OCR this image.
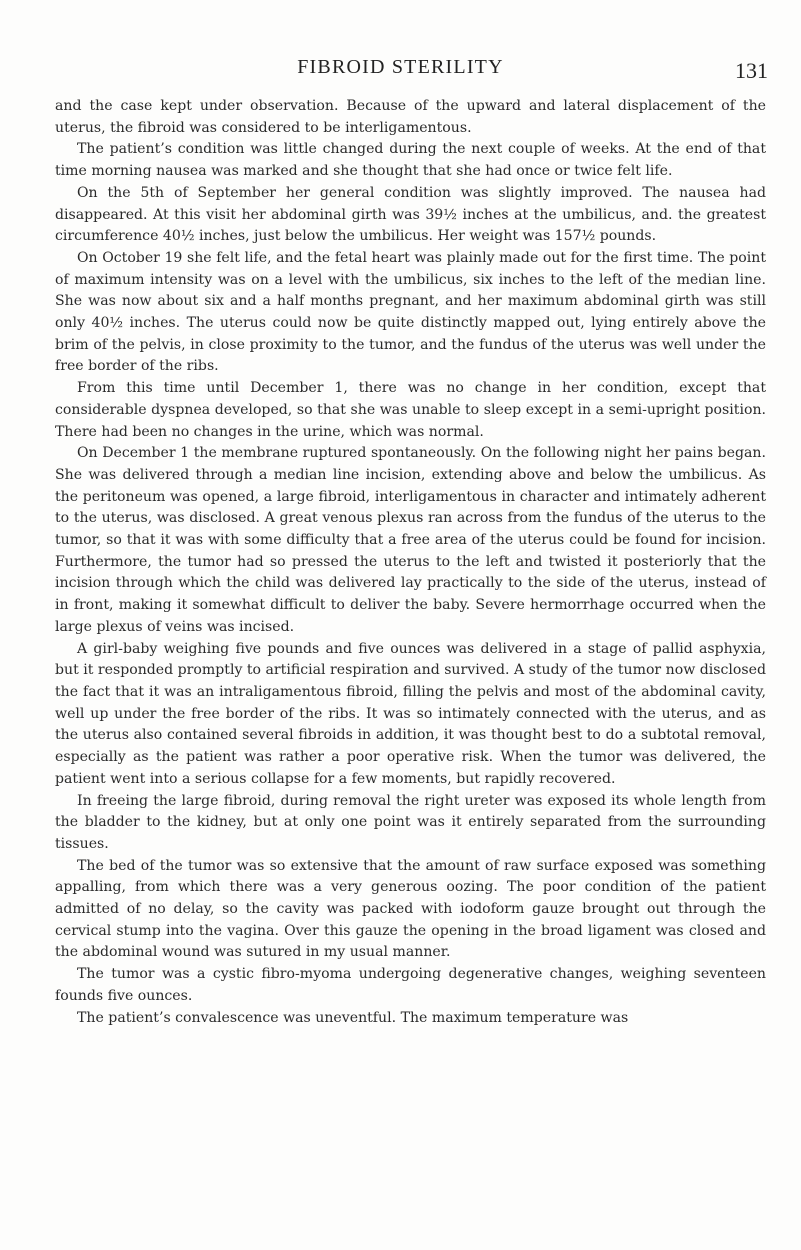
FIBROID STERILITY	131

and the case kept under observation. Because of the upward and lateral displacement of the uterus, the fibroid was considered to be interligamentous.

The patient’s condition was little changed during the next couple of weeks. At the end of that time morning nausea was marked and she thought that she had once or twice felt life.

On the 5th of September her general condition was slightly improved. The nausea had disappeared. At this visit her abdominal girth was 39½ inches at the umbilicus, and. the greatest circumference 40½ inches, just below the umbilicus. Her weight was 157½ pounds.

On October 19 she felt life, and the fetal heart was plainly made out for the first time. The point of maximum intensity was on a level with the umbilicus, six inches to the left of the median line. She was now about six and a half months pregnant, and her maximum abdominal girth was still only 40½ inches. The uterus could now be quite distinctly mapped out, lying entirely above the brim of the pelvis, in close proximity to the tumor, and the fundus of the uterus was well under the free border of the ribs.

From this time until December 1, there was no change in her condition, except that considerable dyspnea developed, so that she was unable to sleep except in a semi-upright position. There had been no changes in the urine, which was normal.

On December 1 the membrane ruptured spontaneously. On the following night her pains began. She was delivered through a median line incision, extending above and below the umbilicus. As the peritoneum was opened, a large fibroid, interligamentous in character and intimately adherent to the uterus, was disclosed. A great venous plexus ran across from the fundus of the uterus to the tumor, so that it was with some difficulty that a free area of the uterus could be found for incision. Furthermore, the tumor had so pressed the uterus to the left and twisted it posteriorly that the incision through which the child was delivered lay practically to the side of the uterus, instead of in front, making it somewhat difficult to deliver the baby. Severe hermorrhage occurred when the large plexus of veins was incised.

A girl-baby weighing five pounds and five ounces was delivered in a stage of pallid asphyxia, but it responded promptly to artificial respiration and survived. A study of the tumor now disclosed the fact that it was an intraligamentous fibroid, filling the pelvis and most of the abdominal cavity, well up under the free border of the ribs. It was so intimately connected with the uterus, and as the uterus also contained several fibroids in addition, it was thought best to do a subtotal removal, especially as the patient was rather a poor operative risk. When the tumor was delivered, the patient went into a serious collapse for a few moments, but rapidly recovered.

In freeing the large fibroid, during removal the right ureter was exposed its whole length from the bladder to the kidney, but at only one point was it entirely separated from the surrounding tissues.

The bed of the tumor was so extensive that the amount of raw surface exposed was something appalling, from which there was a very generous oozing. The poor condition of the patient admitted of no delay, so the cavity was packed with iodoform gauze brought out through the cervical stump into the vagina. Over this gauze the opening in the broad ligament was closed and the abdominal wound was sutured in my usual manner.

The tumor was a cystic fibro-myoma undergoing degenerative changes, weighing seventeen founds five ounces.

The patient’s convalescence was uneventful. The maximum temperature was
